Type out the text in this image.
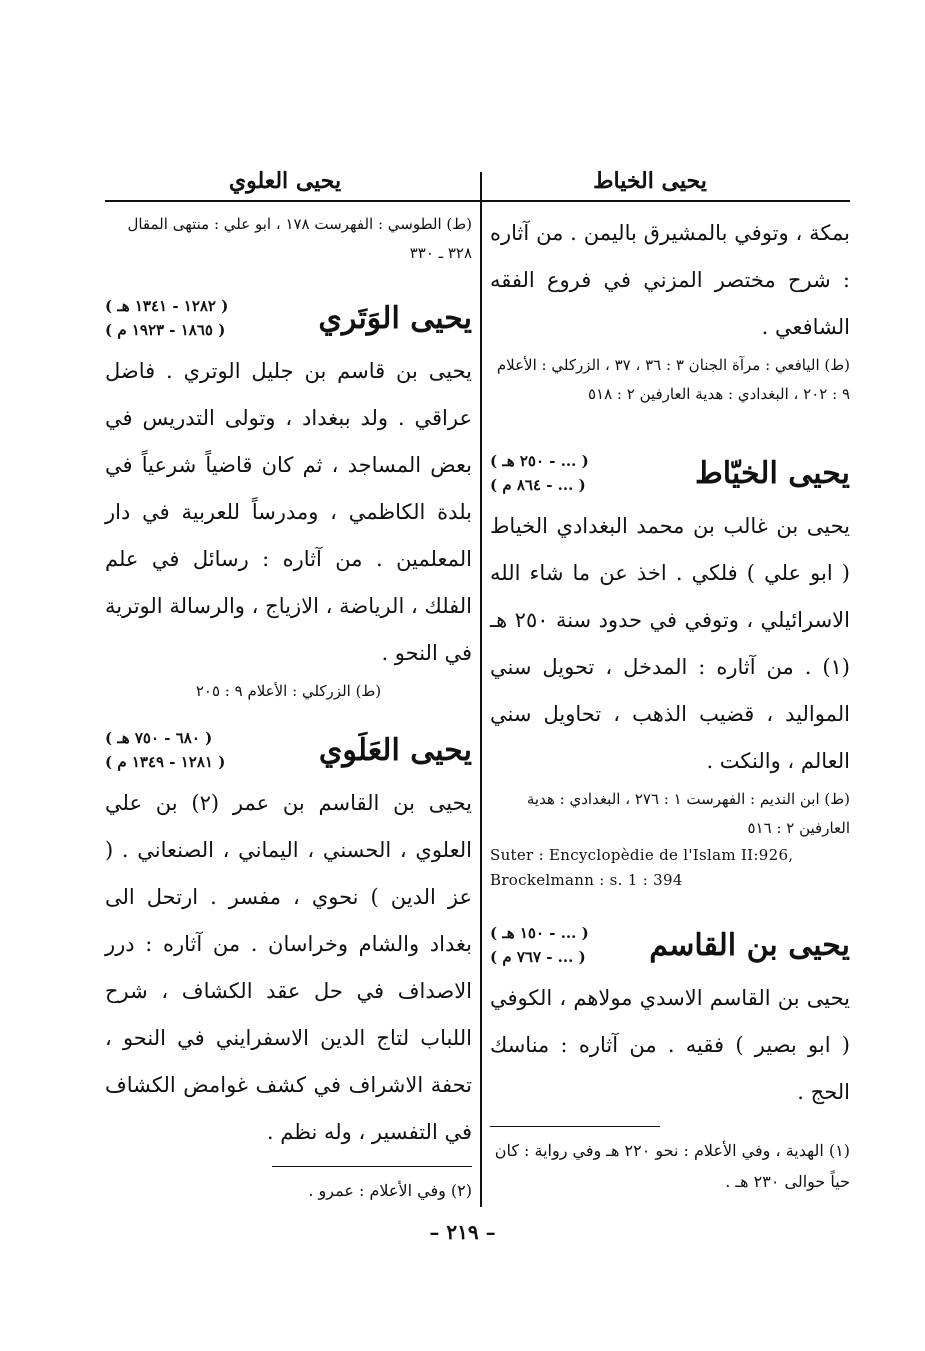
يحيى الخياط
يحيى العلوي
بمكة ، وتوفي بالمشيرق باليمن . من آثاره : شرح مختصر المزني في فروع الفقه الشافعي .
(ط) اليافعي : مرآة الجنان ٣ : ٣٦ ، ٣٧ ، الزركلي : الأعلام ٩ : ٢٠٢ ، البغدادي : هدية العارفين ٢ : ٥١٨
يحيى الخيّاط
( ... - ٢٥٠ هـ )
( ... - ٨٦٤ م )
يحيى بن غالب بن محمد البغدادي الخياط ( ابو علي ) فلكي . اخذ عن ما شاء الله الاسرائيلي ، وتوفي في حدود سنة ٢٥٠ هـ (١) . من آثاره : المدخل ، تحويل سني المواليد ، قضيب الذهب ، تحاويل سني العالم ، والنكت .
(ط) ابن النديم : الفهرست ١ : ٢٧٦ ، البغدادي : هدية العارفين ٢ : ٥١٦
Suter : Encyclopèdie de l'Islam II:926,
Brockelmann : s. 1 : 394
يحيى بن القاسم
( ... - ١٥٠ هـ )
( ... - ٧٦٧ م )
يحيى بن القاسم الاسدي مولاهم ، الكوفي ( ابو بصير ) فقيه . من آثاره : مناسك الحج .
(١) الهدية ، وفي الأعلام : نحو ٢٢٠ هـ وفي رواية : كان حياً حوالى ٢٣٠ هـ .
(ط) الطوسي : الفهرست ١٧٨ ، ابو علي : منتهى المقال ٣٢٨ ـ ٣٣٠
يحيى الوَتَري
( ١٢٨٢ - ١٣٤١ هـ )
( ١٨٦٥ - ١٩٢٣ م )
يحيى بن قاسم بن جليل الوتري . فاضل عراقي . ولد ببغداد ، وتولى التدريس في بعض المساجد ، ثم كان قاضياً شرعياً في بلدة الكاظمي ، ومدرساً للعربية في دار المعلمين . من آثاره : رسائل في علم الفلك ، الرياضة ، الازياج ، والرسالة الوترية في النحو .
(ط) الزركلي : الأعلام ٩ : ٢٠٥
يحيى العَلَوي
( ٦٨٠ - ٧٥٠ هـ )
( ١٢٨١ - ١٣٤٩ م )
يحيى بن القاسم بن عمر (٢) بن علي العلوي ، الحسني ، اليماني ، الصنعاني . ( عز الدين ) نحوي ، مفسر . ارتحل الى بغداد والشام وخراسان . من آثاره : درر الاصداف في حل عقد الكشاف ، شرح اللباب لتاج الدين الاسفرايني في النحو ، تحفة الاشراف في كشف غوامض الكشاف في التفسير ، وله نظم .
(٢) وفي الأعلام : عمرو .
– ٢١٩ –
